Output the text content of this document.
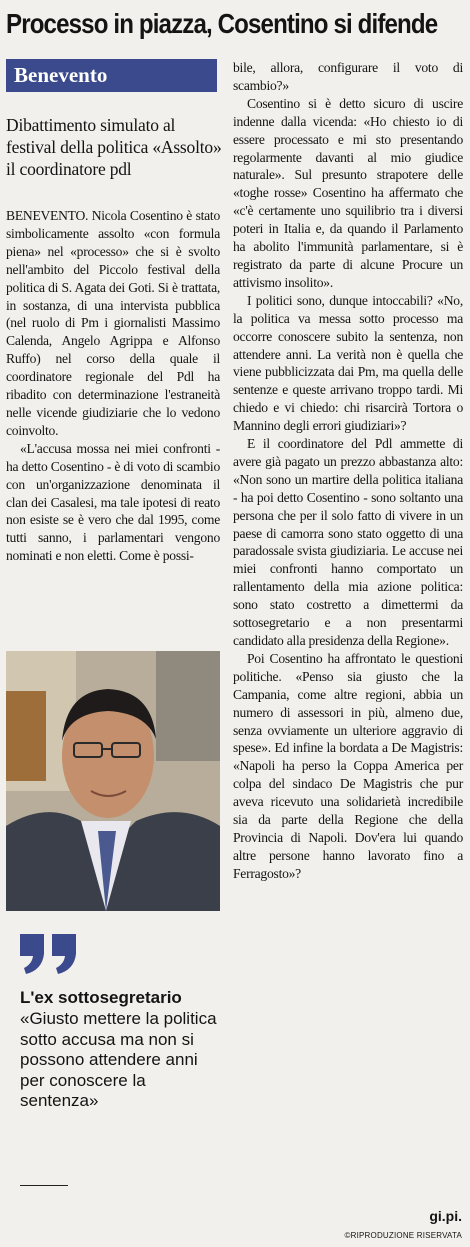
Processo in piazza, Cosentino si difende
Benevento
Dibattimento simulato al festival della politica «Assolto» il coordinatore pdl

BENEVENTO. Nicola Cosentino è stato simbolicamente assolto «con formula piena» nel «processo» che si è svolto nell'ambito del Piccolo festival della politica di S. Agata dei Goti. Si è trattata, in sostanza, di una intervista pubblica (nel ruolo di Pm i giornalisti Massimo Calenda, Angelo Agrippa e Alfonso Ruffo) nel corso della quale il coordinatore regionale del Pdl ha ribadito con determinazione l'estraneità nelle vicende giudiziarie che lo vedono coinvolto.

«L'accusa mossa nei miei confronti - ha detto Cosentino - è di voto di scambio con un'organizzazione denominata il clan dei Casalesi, ma tale ipotesi di reato non esiste se è vero che dal 1995, come tutti sanno, i parlamentari vengono nominati e non eletti. Come è possi-

L'ex sottosegretario
«Giusto mettere la politica sotto accusa ma non si possono attendere anni per conoscere la sentenza»

bile, allora, configurare il voto di scambio?»

Cosentino si è detto sicuro di uscire indenne dalla vicenda: «Ho chiesto io di essere processato e mi sto presentando regolarmente davanti al mio giudice naturale». Sul presunto strapotere delle «toghe rosse» Cosentino ha affermato che «c'è certamente uno squilibrio tra i diversi poteri in Italia e, da quando il Parlamento ha abolito l'immunità parlamentare, si è registrato da parte di alcune Procure un attivismo insolito».

I politici sono, dunque intoccabili? «No, la politica va messa sotto processo ma occorre conoscere subito la sentenza, non attendere anni. La verità non è quella che viene pubblicizzata dai Pm, ma quella delle sentenze e queste arrivano troppo tardi. Mi chiedo e vi chiedo: chi risarcirà Tortora o Mannino degli errori giudiziari»?

E il coordinatore del Pdl ammette di avere già pagato un prezzo abbastanza alto: «Non sono un martire della politica italiana - ha poi detto Cosentino - sono soltanto una persona che per il solo fatto di vivere in un paese di camorra sono stato oggetto di una paradossale svista giudiziaria. Le accuse nei miei confronti hanno comportato un rallentamento della mia azione politica: sono stato costretto a dimettermi da sottosegretario e a non presentarmi candidato alla presidenza della Regione».

Poi Cosentino ha affrontato le questioni politiche. «Penso sia giusto che la Campania, come altre regioni, abbia un numero di assessori in più, almeno due, senza ovviamente un ulteriore aggravio di spese». Ed infine la bordata a De Magistris: «Napoli ha perso la Coppa America per colpa del sindaco De Magistris che pur aveva ricevuto una solidarietà incredibile sia da parte della Regione che della Provincia di Napoli. Dov'era lui quando altre persone hanno lavorato fino a Ferragosto»?

gi.pi.
© RIPRODUZIONE RISERVATA
